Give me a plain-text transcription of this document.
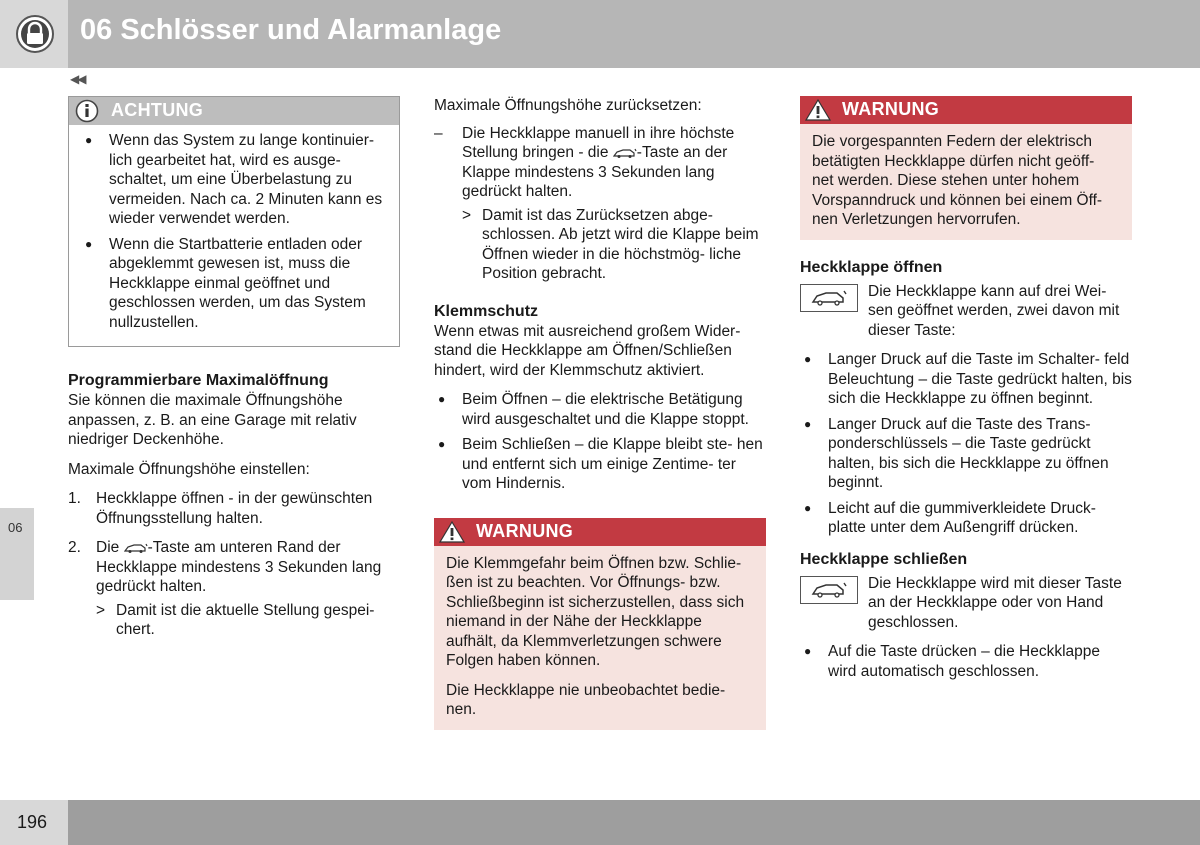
06 Schlösser und Alarmanlage
◀◀
06
196
ACHTUNG
● Wenn das System zu lange kontinuier- lich gearbeitet hat, wird es ausge- schaltet, um eine Überbelastung zu vermeiden. Nach ca. 2 Minuten kann es wieder verwendet werden.
● Wenn die Startbatterie entladen oder abgeklemmt gewesen ist, muss die Heckklappe einmal geöffnet und geschlossen werden, um das System nullzustellen.
Programmierbare Maximalöffnung

Sie können die maximale Öffnungshöhe anpassen, z. B. an eine Garage mit relativ niedriger Deckenhöhe.

Maximale Öffnungshöhe einstellen:

1. Heckklappe öffnen - in der gewünschten Öffnungsstellung halten.
2. Die -Taste am unteren Rand der Heckklappe mindestens 3 Sekunden lang gedrückt halten.
> Damit ist die aktuelle Stellung gespei- chert.

Maximale Öffnungshöhe zurücksetzen:

– Die Heckklappe manuell in ihre höchste Stellung bringen - die -Taste an der Klappe mindestens 3 Sekunden lang gedrückt halten.
> Damit ist das Zurücksetzen abge- schlossen. Ab jetzt wird die Klappe beim Öffnen wieder in die höchstmög- liche Position gebracht.
Klemmschutz

Wenn etwas mit ausreichend großem Wider- stand die Heckklappe am Öffnen/Schließen hindert, wird der Klemmschutz aktiviert.

● Beim Öffnen – die elektrische Betätigung wird ausgeschaltet und die Klappe stoppt.
● Beim Schließen – die Klappe bleibt ste- hen und entfernt sich um einige Zentime- ter vom Hindernis.
WARNUNG

Die Klemmgefahr beim Öffnen bzw. Schlie- ßen ist zu beachten. Vor Öffnungs- bzw. Schließbeginn ist sicherzustellen, dass sich niemand in der Nähe der Heckklappe aufhält, da Klemmverletzungen schwere Folgen haben können.

Die Heckklappe nie unbeobachtet bedie- nen.

WARNUNG

Die vorgespannten Federn der elektrisch betätigten Heckklappe dürfen nicht geöff- net werden. Diese stehen unter hohem Vorspanndruck und können bei einem Öff- nen Verletzungen hervorrufen.

Heckklappe öffnen

Die Heckklappe kann auf drei Wei- sen geöffnet werden, zwei davon mit dieser Taste:

● Langer Druck auf die Taste im Schalter- feld Beleuchtung – die Taste gedrückt halten, bis sich die Heckklappe zu öffnen beginnt.
● Langer Druck auf die Taste des Trans- ponderschlüssels – die Taste gedrückt halten, bis sich die Heckklappe zu öffnen beginnt.
● Leicht auf die gummiverkleidete Druck- platte unter dem Außengriff drücken.
Heckklappe schließen

Die Heckklappe wird mit dieser Taste an der Heckklappe oder von Hand geschlossen.

● Auf die Taste drücken – die Heckklappe wird automatisch geschlossen.
